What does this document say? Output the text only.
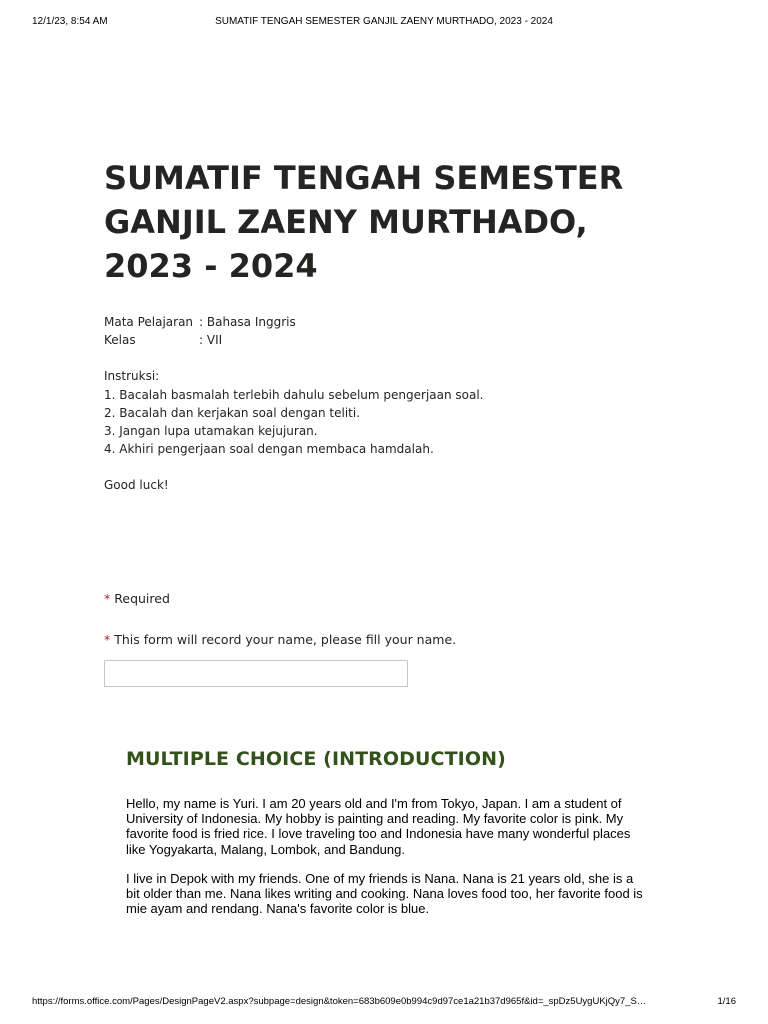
12/1/23, 8:54 AM	SUMATIF TENGAH SEMESTER GANJIL ZAENY MURTHADO, 2023 - 2024
SUMATIF TENGAH SEMESTER GANJIL ZAENY MURTHADO, 2023 - 2024
Mata Pelajaran : Bahasa Inggris
Kelas	: VII
Instruksi:
1. Bacalah basmalah terlebih dahulu sebelum pengerjaan soal.
2. Bacalah dan kerjakan soal dengan teliti.
3. Jangan lupa utamakan kejujuran.
4. Akhiri pengerjaan soal dengan membaca hamdalah.
Good luck!
* Required
* This form will record your name, please fill your name.
MULTIPLE CHOICE (INTRODUCTION)

Hello, my name is Yuri. I am 20 years old and I'm from Tokyo, Japan. I am a student of University of Indonesia. My hobby is painting and reading. My favorite color is pink. My favorite food is fried rice. I love traveling too and Indonesia have many wonderful places like Yogyakarta, Malang, Lombok, and Bandung.

I live in Depok with my friends. One of my friends is Nana. Nana is 21 years old, she is a bit older than me. Nana likes writing and cooking. Nana loves food too, her favorite food is mie ayam and rendang. Nana's favorite color is blue.

https://forms.office.com/Pages/DesignPageV2.aspx?subpage=design&token=683b609e0b994c9d97ce1a21b37d965f&id=_spDz5UygUKjQy7_S…	1/16
